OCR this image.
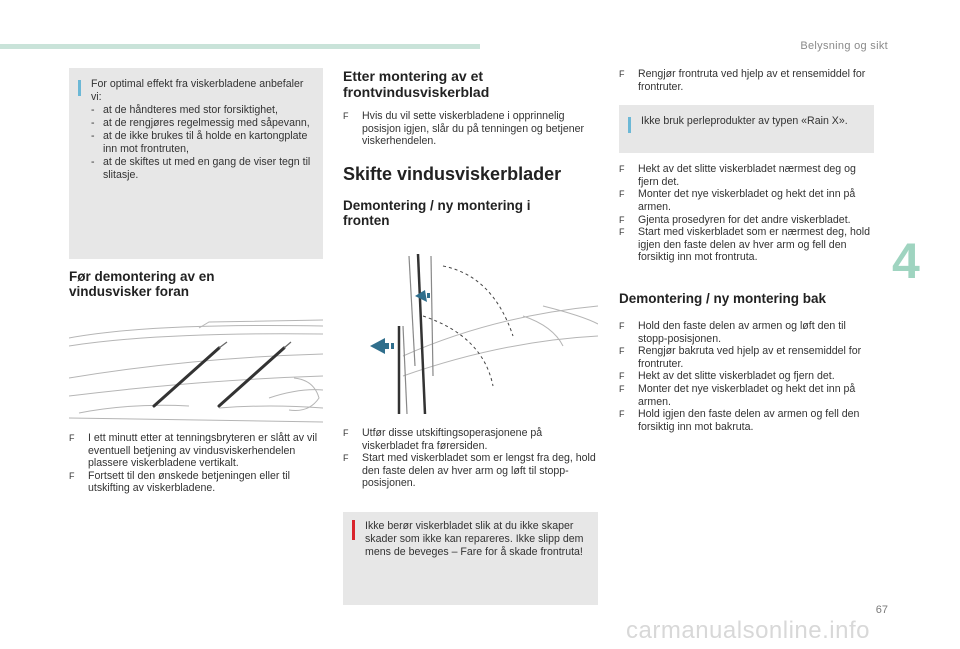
Belysning og sikt
4
For optimal effekt fra viskerbladene anbefaler vi:
- at de håndteres med stor forsiktighet,
- at de rengjøres regelmessig med såpevann,
- at de ikke brukes til å holde en kartongplate inn mot frontruten,
- at de skiftes ut med en gang de viser tegn til slitasje.
Før demontering av en vindusvisker foran
F I ett minutt etter at tenningsbryteren er slått av vil eventuell betjening av vindusviskerhendelen plassere viskerbladene vertikalt.
F Fortsett til den ønskede betjeningen eller til utskifting av viskerbladene.
Etter montering av et frontvindusviskerblad
F Hvis du vil sette viskerbladene i opprinnelig posisjon igjen, slår du på tenningen og betjener viskerhendelen.
Skifte vindusviskerblader
Demontering / ny montering i fronten
F Utfør disse utskiftingsoperasjonene på viskerbladet fra førersiden.
F Start med viskerbladet som er lengst fra deg, hold den faste delen av hver arm og løft til stopp-posisjonen.
Ikke berør viskerbladet slik at du ikke skaper skader som ikke kan repareres. Ikke slipp dem mens de beveges – Fare for å skade frontruta!
F Rengjør frontruta ved hjelp av et rensemiddel for frontruter.
Ikke bruk perleprodukter av typen «Rain X».
F Hekt av det slitte viskerbladet nærmest deg og fjern det.
F Monter det nye viskerbladet og hekt det inn på armen.
F Gjenta prosedyren for det andre viskerbladet.
F Start med viskerbladet som er nærmest deg, hold igjen den faste delen av hver arm og fell den forsiktig inn mot frontruta.
Demontering / ny montering bak
F Hold den faste delen av armen og løft den til stopp-posisjonen.
F Rengjør bakruta ved hjelp av et rensemiddel for frontruter.
F Hekt av det slitte viskerbladet og fjern det.
F Monter det nye viskerbladet og hekt det inn på armen.
F Hold igjen den faste delen av armen og fell den forsiktig inn mot bakruta.
67
carmanualsonline.info
